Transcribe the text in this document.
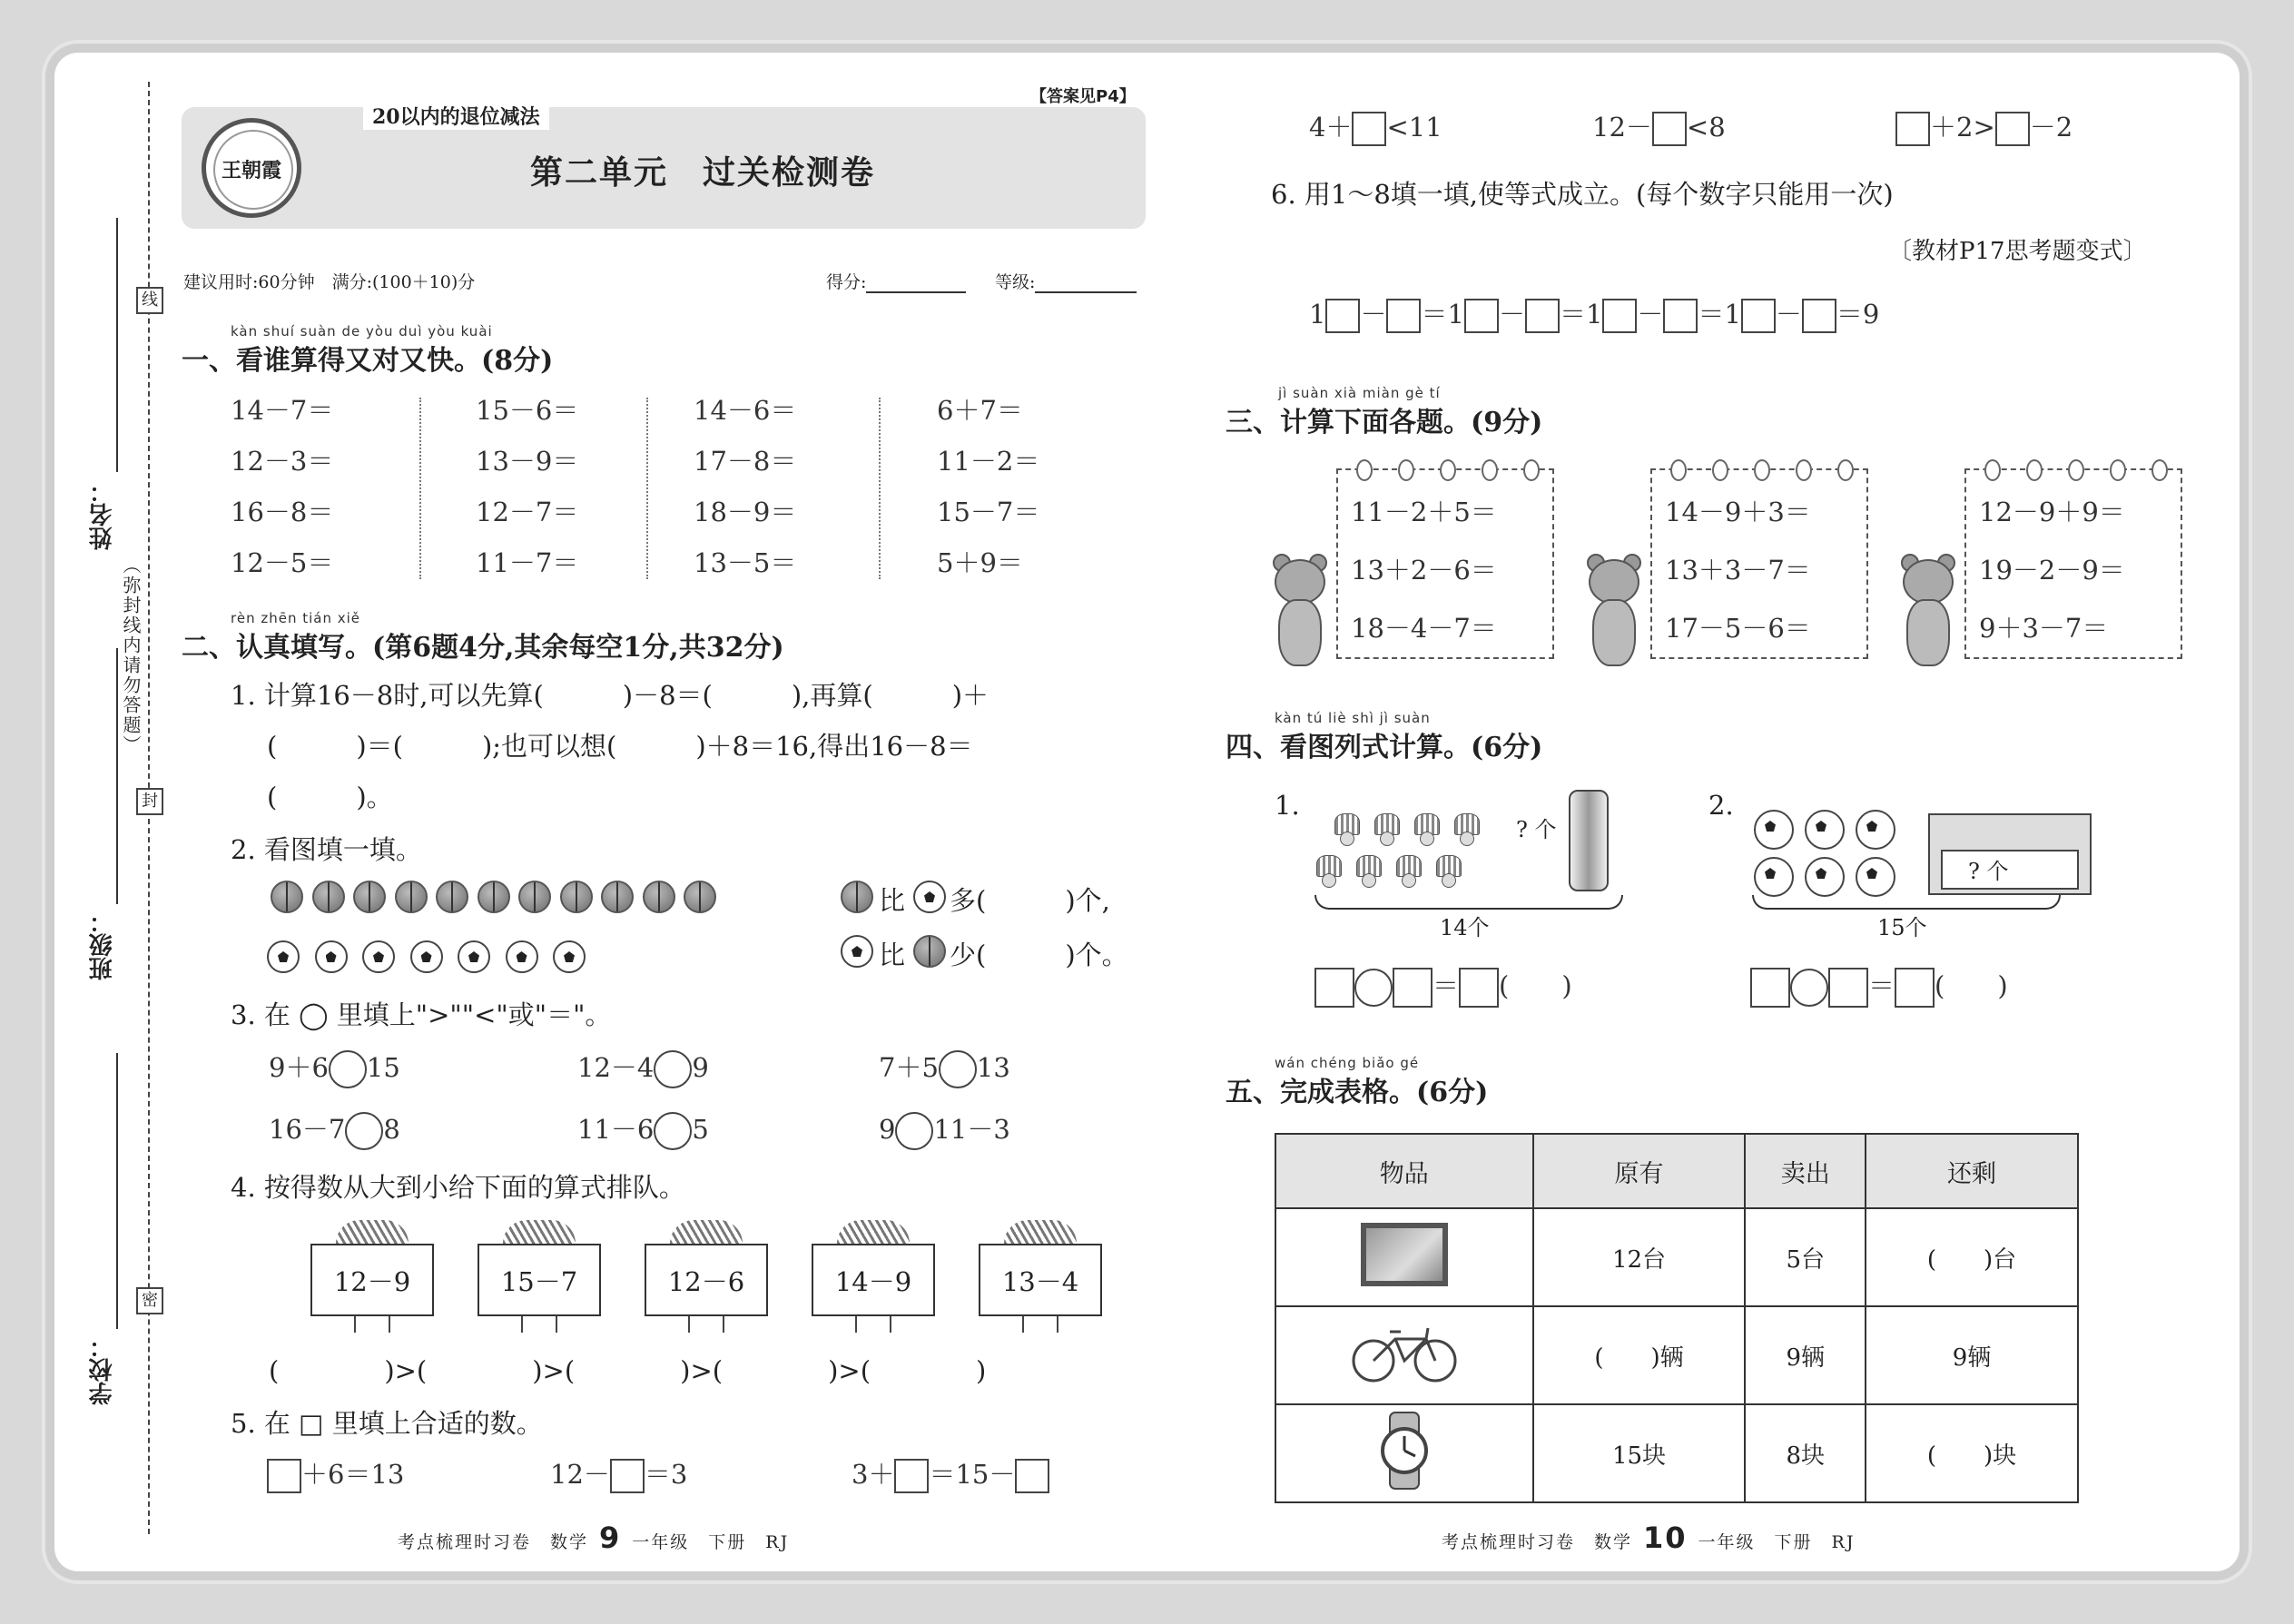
线
封
密
（弥封线内请勿答题）
姓名：
班级：
学校：
王朝霞
20以内的退位减法
【答案见P4】
第二单元　过关检测卷
建议用时:60分钟　满分:(100＋10)分	得分:	等级:
kàn shuí suàn de yòu duì yòu kuài
一、看谁算得又对又快。(8分)
14－7＝
12－3＝
16－8＝
12－5＝
15－6＝
13－9＝
12－7＝
11－7＝
14－6＝
17－8＝
18－9＝
13－5＝
6＋7＝
11－2＝
15－7＝
5＋9＝
rèn zhēn tián xiě
二、认真填写。(第6题4分,其余每空1分,共32分)
1. 计算16－8时,可以先算(　　　)－8＝(　　　),再算(　　　)＋
(　　　)＝(　　　);也可以想(　　　)＋8＝16,得出16－8＝
(　　　)。
2. 看图填一填。
比 多(　　　)个,
比 少(　　　)个。
3. 在 ◯ 里填上">""<"或"＝"。
9＋6 15	12－4 9	7＋5 13
16－7 8	11－6 5	9 11－3
4. 按得数从大到小给下面的算式排队。
12－9	15－7	12－6	14－9	13－4
(　　　　)>(　　　　)>(　　　　)>(　　　　)>(　　　　)
5. 在 □ 里填上合适的数。
＋6＝13	12－ ＝3	3＋ ＝15－
4＋ <11	12－ <8	＋2> －2
6. 用1～8填一填,使等式成立。(每个数字只能用一次)
〔教材P17思考题变式〕
1 － ＝1 － ＝1 － ＝1 － ＝9
jì suàn xià miàn gè tí
三、计算下面各题。(9分)
11－2＋5＝
13＋2－6＝
18－4－7＝
14－9＋3＝
13＋3－7＝
17－5－6＝
12－9＋9＝
19－2－9＝
9＋3－7＝
kàn tú liè shì jì suàn
四、看图列式计算。(6分)
1.
? 个
14个
＝ (　　)
2.
? 个
15个
＝ (　　)
wán chéng biǎo gé
五、完成表格。(6分)
物品	原有	卖出	还剩
	12台	5台	(　　)台
	(　　)辆	9辆	9辆
	15块	8块	(　　)块
考点梳理时习卷　数学 9 一年级　下册　RJ	考点梳理时习卷　数学 10 一年级　下册　RJ
